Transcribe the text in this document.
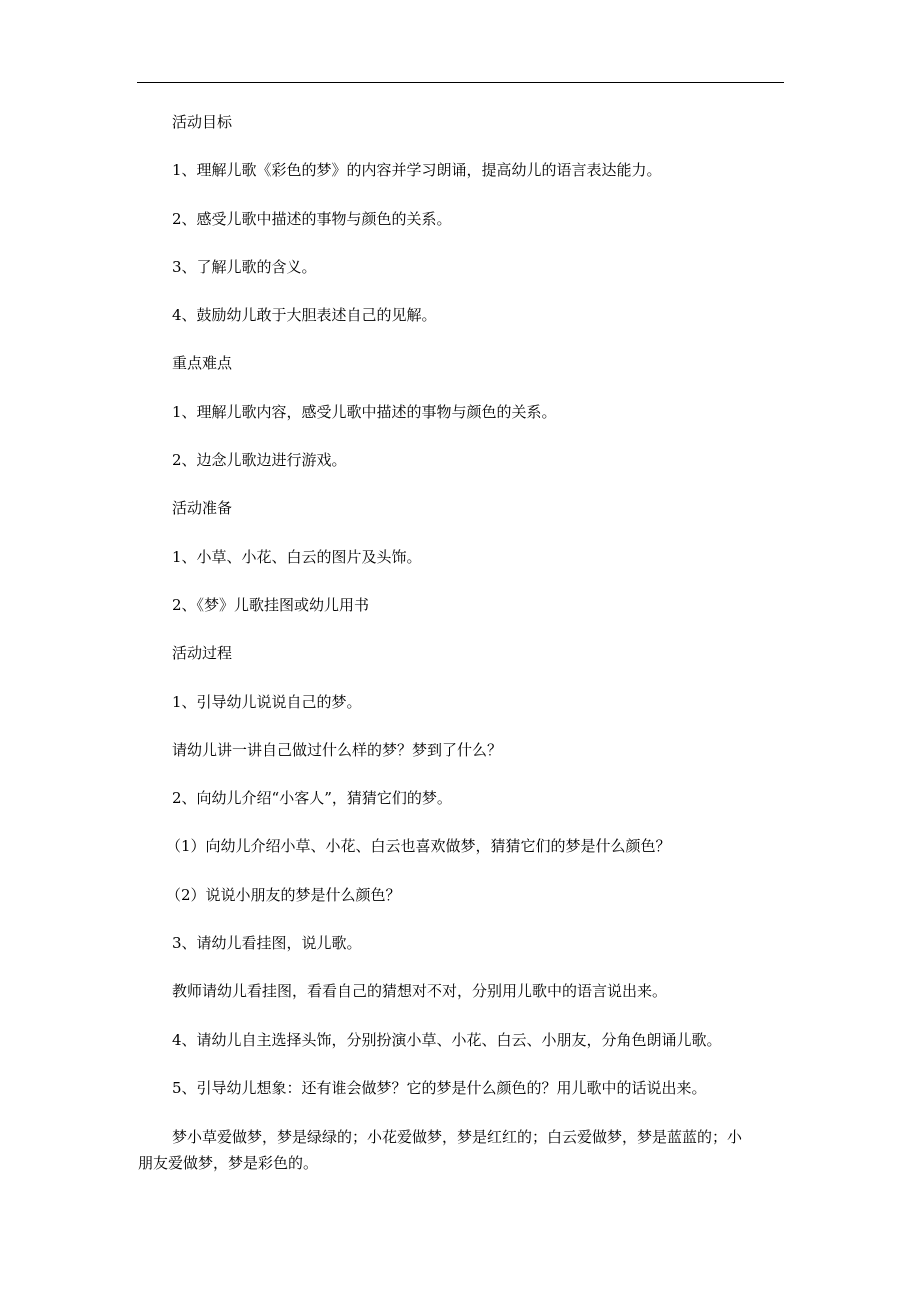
活动目标
1、理解儿歌《彩色的梦》的内容并学习朗诵，提高幼儿的语言表达能力。
2、感受儿歌中描述的事物与颜色的关系。
3、了解儿歌的含义。
4、鼓励幼儿敢于大胆表述自己的见解。
重点难点
1、理解儿歌内容，感受儿歌中描述的事物与颜色的关系。
2、边念儿歌边进行游戏。
活动准备
1、小草、小花、白云的图片及头饰。
2、《梦》儿歌挂图或幼儿用书
活动过程
1、引导幼儿说说自己的梦。
请幼儿讲一讲自己做过什么样的梦？梦到了什么？
2、向幼儿介绍“小客人”，猜猜它们的梦。
（1）向幼儿介绍小草、小花、白云也喜欢做梦，猜猜它们的梦是什么颜色？
（2）说说小朋友的梦是什么颜色？
3、请幼儿看挂图，说儿歌。
教师请幼儿看挂图，看看自己的猜想对不对，分别用儿歌中的语言说出来。
4、请幼儿自主选择头饰，分别扮演小草、小花、白云、小朋友，分角色朗诵儿歌。
5、引导幼儿想象：还有谁会做梦？它的梦是什么颜色的？用儿歌中的话说出来。
梦小草爱做梦，梦是绿绿的；小花爱做梦，梦是红红的；白云爱做梦，梦是蓝蓝的；小
朋友爱做梦，梦是彩色的。
